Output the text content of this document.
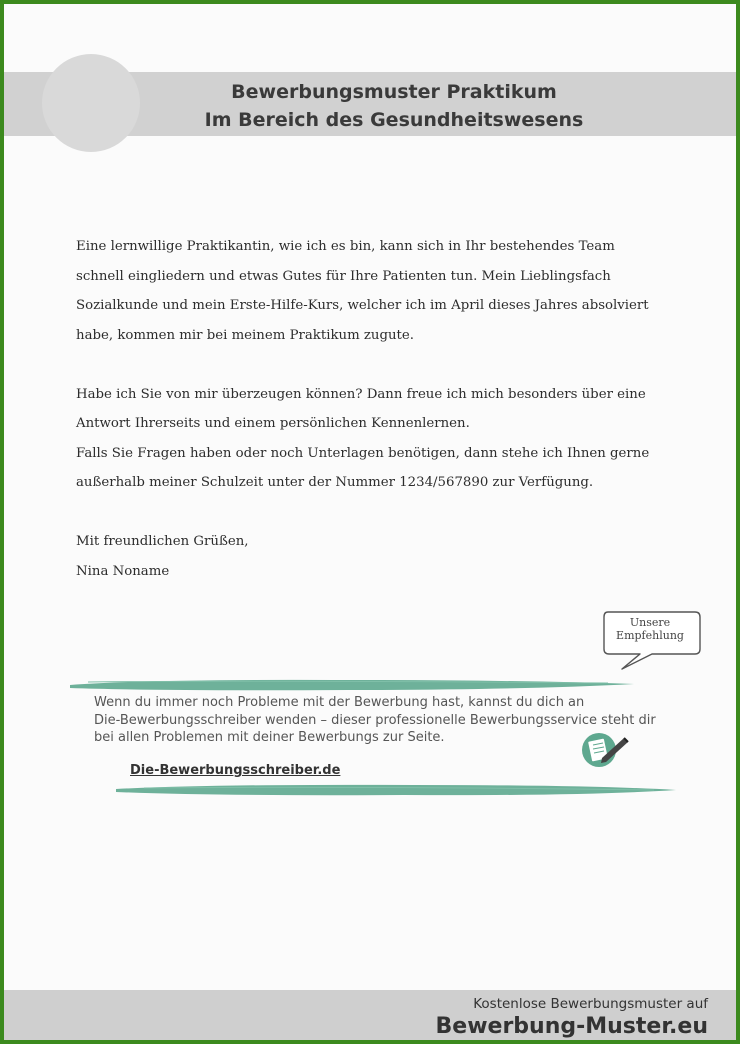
Bewerbungsmuster Praktikum
Im Bereich des Gesundheitswesens

Eine lernwillige Praktikantin, wie ich es bin, kann sich in Ihr bestehendes Team

schnell eingliedern und etwas Gutes für Ihre Patienten tun. Mein Lieblingsfach

Sozialkunde und mein Erste-Hilfe-Kurs, welcher ich im April dieses Jahres absolviert

habe, kommen mir bei meinem Praktikum zugute.

Habe ich Sie von mir überzeugen können? Dann freue ich mich besonders über eine

Antwort Ihrerseits und einem persönlichen Kennenlernen.

Falls Sie Fragen haben oder noch Unterlagen benötigen, dann stehe ich Ihnen gerne

außerhalb meiner Schulzeit unter der Nummer 1234/567890 zur Verfügung.

Mit freundlichen Grüßen,

Nina Noname

Unsere
Empfehlung
Wenn du immer noch Probleme mit der Bewerbung hast, kannst du dich an
Die-Bewerbungsschreiber wenden – dieser professionelle Bewerbungsservice steht dir
bei allen Problemen mit deiner Bewerbungs zur Seite.
Die-Bewerbungsschreiber.de
Kostenlose Bewerbungsmuster auf
Bewerbung-Muster.eu
